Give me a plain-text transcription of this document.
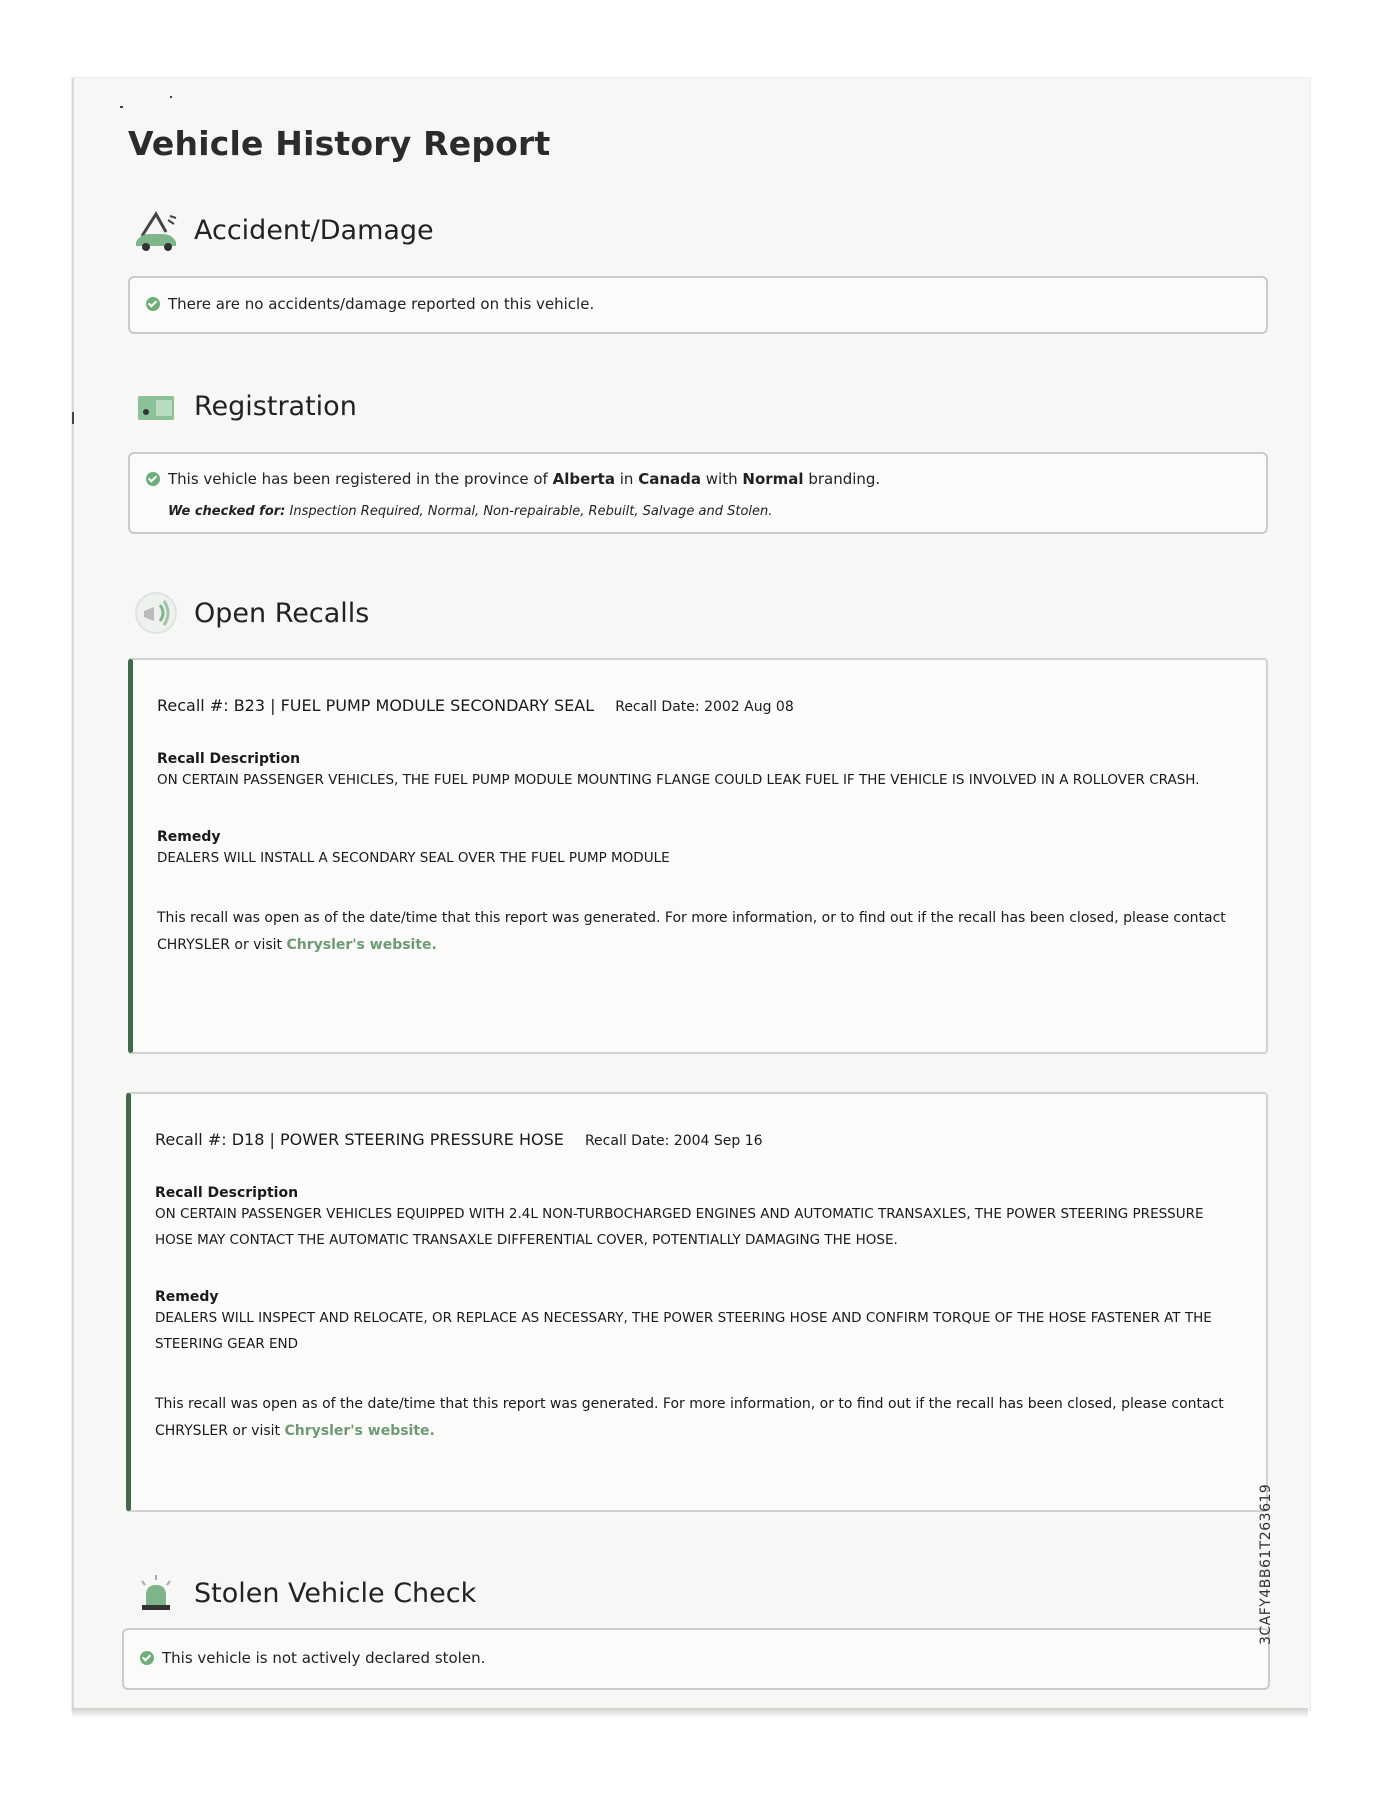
Vehicle History Report
Accident/Damage
There are no accidents/damage reported on this vehicle.
Registration
This vehicle has been registered in the province of Alberta in Canada with Normal branding.
We checked for: Inspection Required, Normal, Non-repairable, Rebuilt, Salvage and Stolen.
Open Recalls
Recall #: B23 | FUEL PUMP MODULE SECONDARY SEAL Recall Date: 2002 Aug 08
Recall Description
ON CERTAIN PASSENGER VEHICLES, THE FUEL PUMP MODULE MOUNTING FLANGE COULD LEAK FUEL IF THE VEHICLE IS INVOLVED IN A ROLLOVER CRASH.
Remedy
DEALERS WILL INSTALL A SECONDARY SEAL OVER THE FUEL PUMP MODULE
This recall was open as of the date/time that this report was generated. For more information, or to find out if the recall has been closed, please contact CHRYSLER or visit Chrysler's website.
Recall #: D18 | POWER STEERING PRESSURE HOSE Recall Date: 2004 Sep 16
Recall Description
ON CERTAIN PASSENGER VEHICLES EQUIPPED WITH 2.4L NON-TURBOCHARGED ENGINES AND AUTOMATIC TRANSAXLES, THE POWER STEERING PRESSURE HOSE MAY CONTACT THE AUTOMATIC TRANSAXLE DIFFERENTIAL COVER, POTENTIALLY DAMAGING THE HOSE.
Remedy
DEALERS WILL INSPECT AND RELOCATE, OR REPLACE AS NECESSARY, THE POWER STEERING HOSE AND CONFIRM TORQUE OF THE HOSE FASTENER AT THE STEERING GEAR END
This recall was open as of the date/time that this report was generated. For more information, or to find out if the recall has been closed, please contact CHRYSLER or visit Chrysler's website.
Stolen Vehicle Check
This vehicle is not actively declared stolen.
3CAFY4BB61T263619
